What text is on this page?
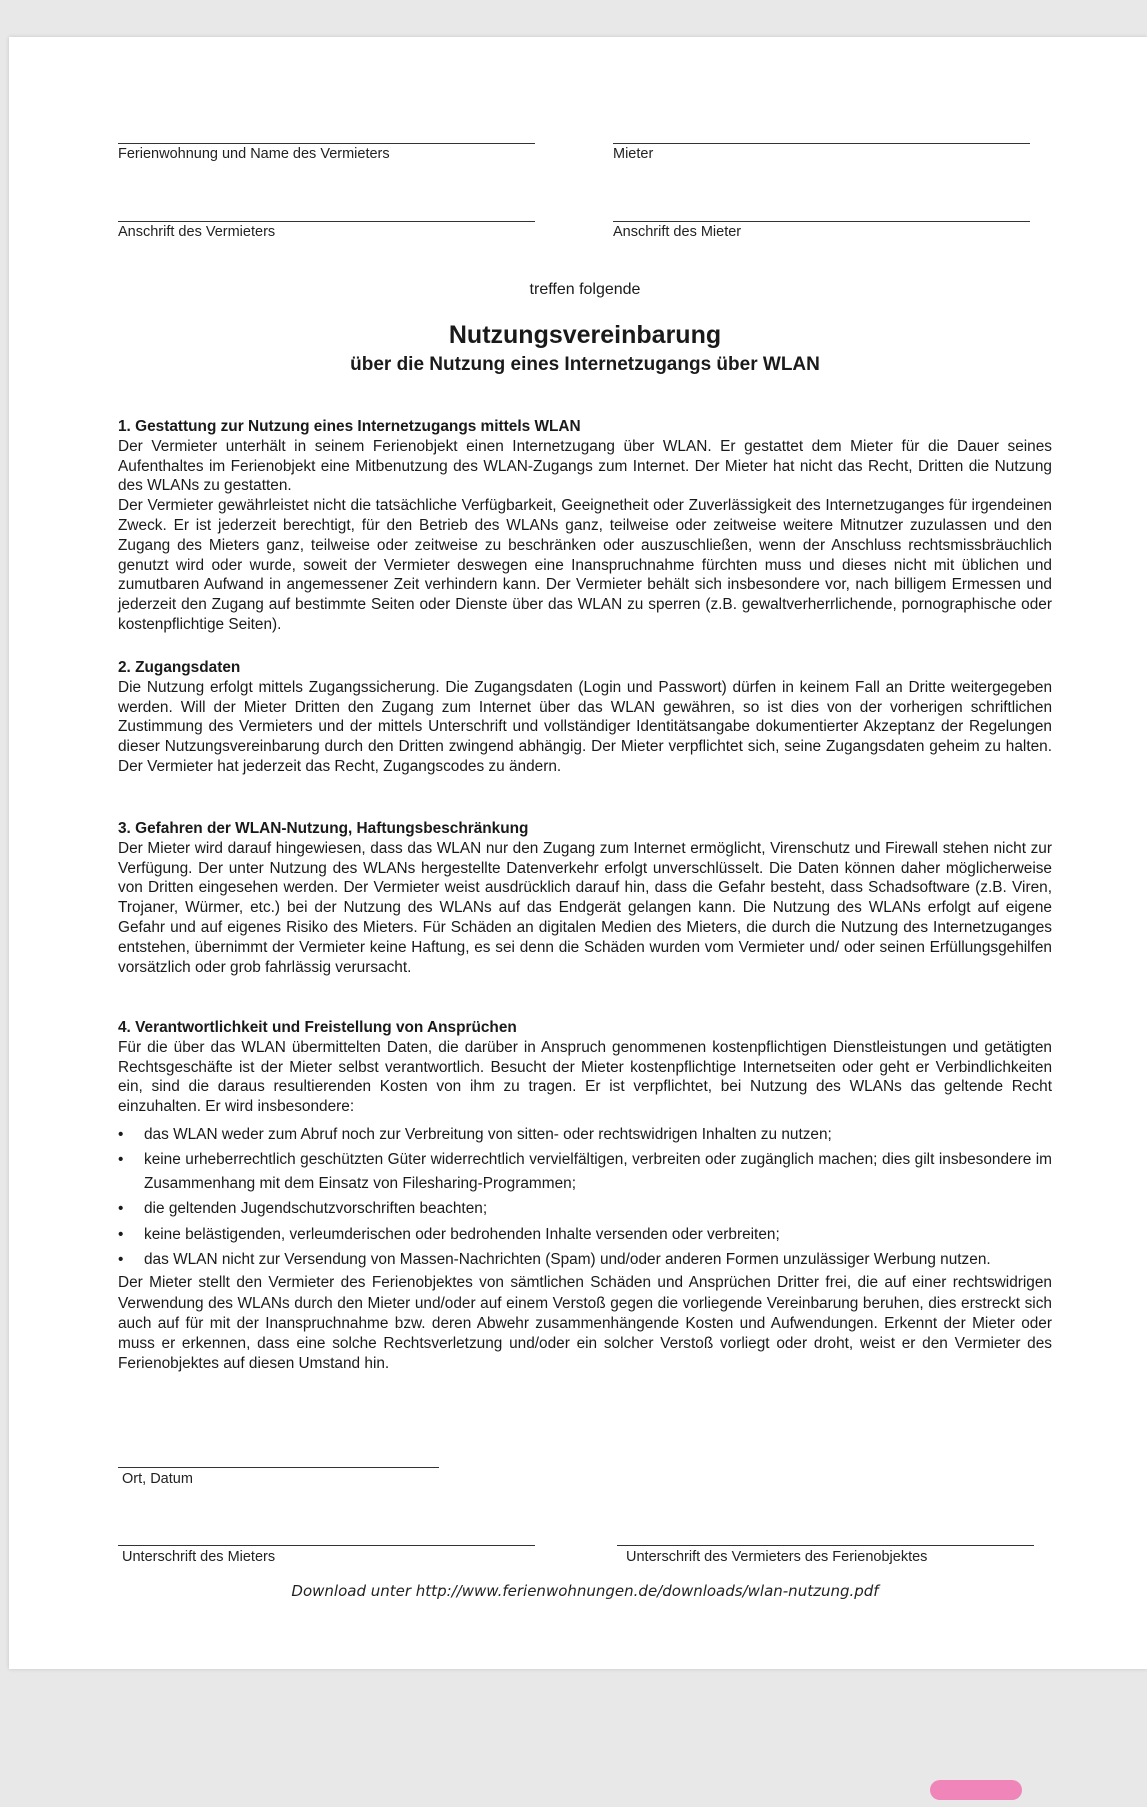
Ferienwohnung und Name des Vermieters	Mieter
Anschrift des Vermieters	Anschrift des Mieter
treffen folgende
Nutzungsvereinbarung
über die Nutzung eines Internetzugangs über WLAN

1. Gestattung zur Nutzung eines Internetzugangs mittels WLAN

Der Vermieter unterhält in seinem Ferienobjekt einen Internetzugang über WLAN. Er gestattet dem Mieter für die Dauer seines Aufenthaltes im Ferienobjekt eine Mitbenutzung des WLAN-Zugangs zum Internet. Der Mieter hat nicht das Recht, Dritten die Nutzung des WLANs zu gestatten.

Der Vermieter gewährleistet nicht die tatsächliche Verfügbarkeit, Geeignetheit oder Zuverlässigkeit des Internetzuganges für irgendeinen Zweck. Er ist jederzeit berechtigt, für den Betrieb des WLANs ganz, teilweise oder zeitweise weitere Mitnutzer zuzulassen und den Zugang des Mieters ganz, teilweise oder zeitweise zu beschränken oder auszuschließen, wenn der Anschluss rechtsmissbräuchlich genutzt wird oder wurde, soweit der Vermieter deswegen eine Inanspruchnahme fürchten muss und dieses nicht mit üblichen und zumutbaren Aufwand in angemessener Zeit verhindern kann. Der Vermieter behält sich insbesondere vor, nach billigem Ermessen und jederzeit den Zugang auf bestimmte Seiten oder Dienste über das WLAN zu sperren (z.B. gewaltverherrlichende, pornographische oder kostenpflichtige Seiten).

2. Zugangsdaten

Die Nutzung erfolgt mittels Zugangssicherung. Die Zugangsdaten (Login und Passwort) dürfen in keinem Fall an Dritte weitergegeben werden. Will der Mieter Dritten den Zugang zum Internet über das WLAN gewähren, so ist dies von der vorherigen schriftlichen Zustimmung des Vermieters und der mittels Unterschrift und vollständiger Identitätsangabe dokumentierter Akzeptanz der Regelungen dieser Nutzungsvereinbarung durch den Dritten zwingend abhängig. Der Mieter verpflichtet sich, seine Zugangsdaten geheim zu halten. Der Vermieter hat jederzeit das Recht, Zugangscodes zu ändern.

3. Gefahren der WLAN-Nutzung, Haftungsbeschränkung

Der Mieter wird darauf hingewiesen, dass das WLAN nur den Zugang zum Internet ermöglicht, Virenschutz und Firewall stehen nicht zur Verfügung. Der unter Nutzung des WLANs hergestellte Datenverkehr erfolgt unverschlüsselt. Die Daten können daher möglicherweise von Dritten eingesehen werden. Der Vermieter weist ausdrücklich darauf hin, dass die Gefahr besteht, dass Schadsoftware (z.B. Viren, Trojaner, Würmer, etc.) bei der Nutzung des WLANs auf das Endgerät gelangen kann. Die Nutzung des WLANs erfolgt auf eigene Gefahr und auf eigenes Risiko des Mieters. Für Schäden an digitalen Medien des Mieters, die durch die Nutzung des Internetzuganges entstehen, übernimmt der Vermieter keine Haftung, es sei denn die Schäden wurden vom Vermieter und/ oder seinen Erfüllungsgehilfen vorsätzlich oder grob fahrlässig verursacht.

4. Verantwortlichkeit und Freistellung von Ansprüchen

Für die über das WLAN übermittelten Daten, die darüber in Anspruch genommenen kostenpflichtigen Dienstleistungen und getätigten Rechtsgeschäfte ist der Mieter selbst verantwortlich. Besucht der Mieter kostenpflichtige Internetseiten oder geht er Verbindlichkeiten ein, sind die daraus resultierenden Kosten von ihm zu tragen. Er ist verpflichtet, bei Nutzung des WLANs das geltende Recht einzuhalten. Er wird insbesondere:

• das WLAN weder zum Abruf noch zur Verbreitung von sitten- oder rechtswidrigen Inhalten zu nutzen;
• keine urheberrechtlich geschützten Güter widerrechtlich vervielfältigen, verbreiten oder zugänglich machen; dies gilt insbesondere im Zusammenhang mit dem Einsatz von Filesharing-Programmen;
• die geltenden Jugendschutzvorschriften beachten;
• keine belästigenden, verleumderischen oder bedrohenden Inhalte versenden oder verbreiten;
• das WLAN nicht zur Versendung von Massen-Nachrichten (Spam) und/oder anderen Formen unzulässiger Werbung nutzen.

Der Mieter stellt den Vermieter des Ferienobjektes von sämtlichen Schäden und Ansprüchen Dritter frei, die auf einer rechtswidrigen Verwendung des WLANs durch den Mieter und/oder auf einem Verstoß gegen die vorliegende Vereinbarung beruhen, dies erstreckt sich auch auf für mit der Inanspruchnahme bzw. deren Abwehr zusammenhängende Kosten und Aufwendungen. Erkennt der Mieter oder muss er erkennen, dass eine solche Rechtsverletzung und/oder ein solcher Verstoß vorliegt oder droht, weist er den Vermieter des Ferienobjektes auf diesen Umstand hin.

Ort, Datum
Unterschrift des Mieters	Unterschrift des Vermieters des Ferienobjektes
Download unter http://www.ferienwohnungen.de/downloads/wlan-nutzung.pdf
